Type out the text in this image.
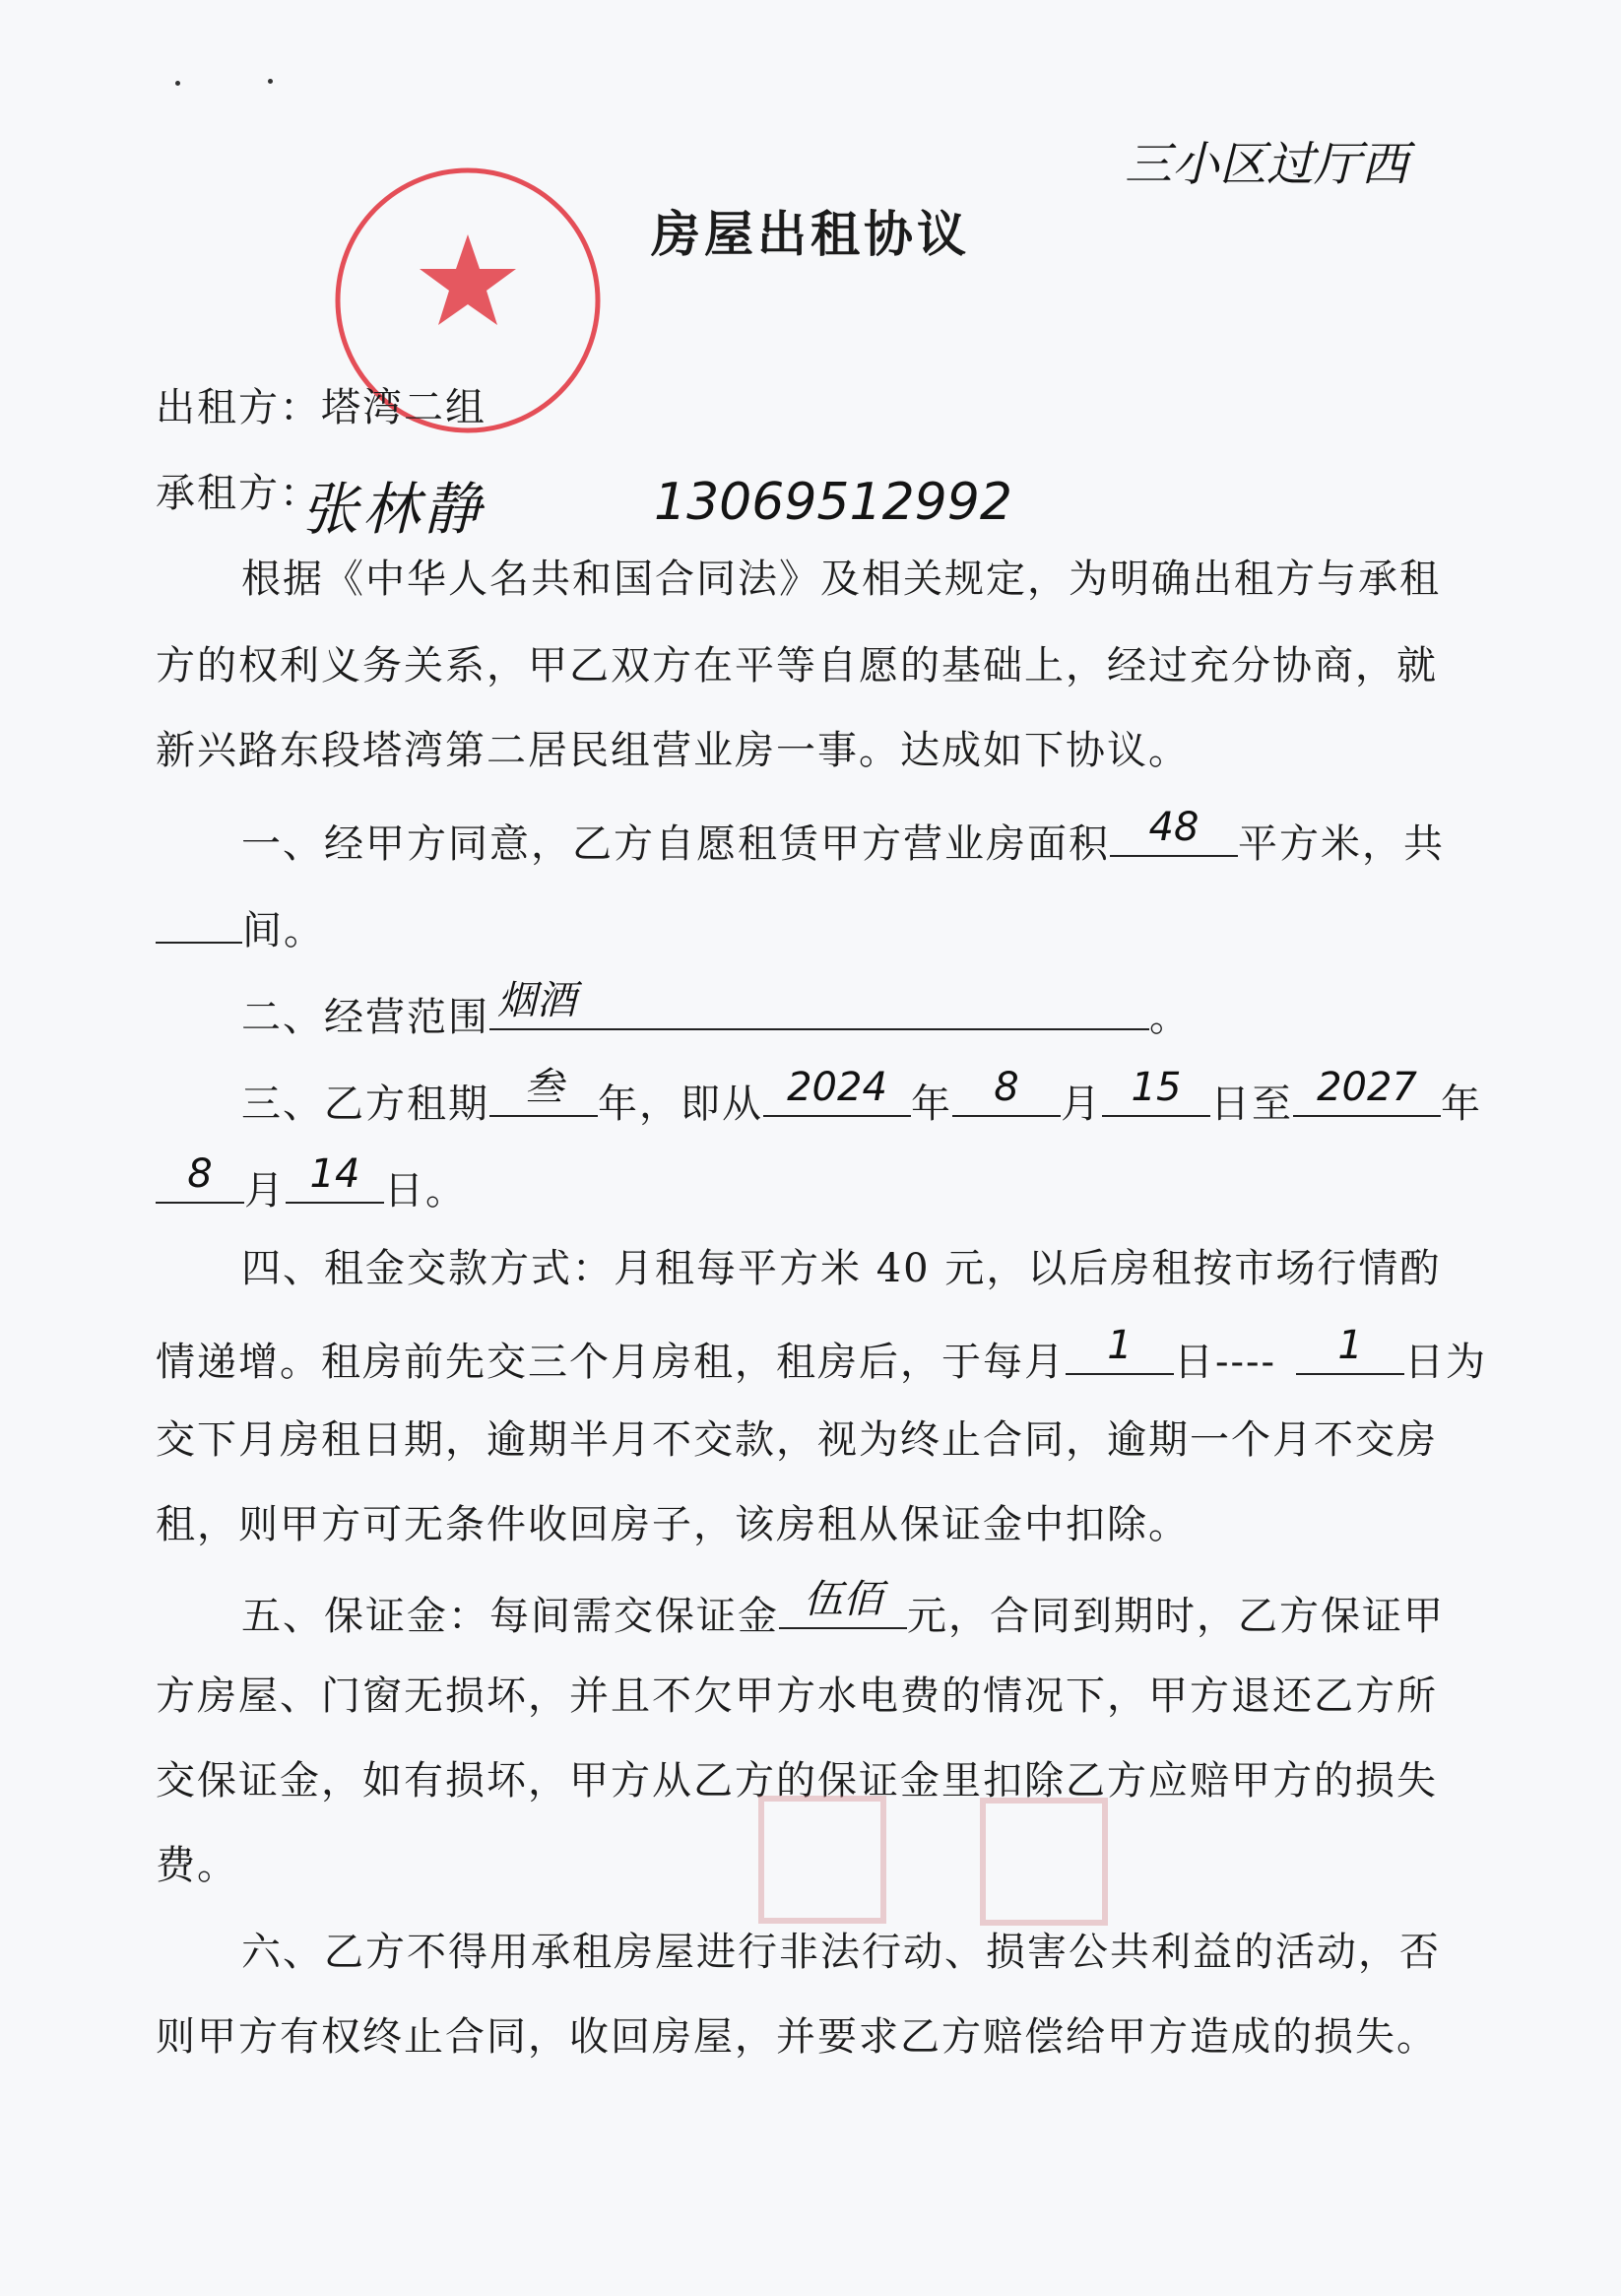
三小区过厅西
房屋出租协议
出租方：塔湾二组
承租方：
张林静	13069512992
根据《中华人名共和国合同法》及相关规定，为明确出租方与承租
方的权利义务关系，甲乙双方在平等自愿的基础上，经过充分协商，就
新兴路东段塔湾第二居民组营业房一事。达成如下协议。
一、经甲方同意，乙方自愿租赁甲方营业房面积 48 平方米，共
间。
二、经营范围 烟酒	。
三、乙方租期 叁 年，即从 2024 年	8	月 15 日至 2027 年
8 月 14 日。
四、租金交款方式：月租每平方米 40 元，以后房租按市场行情酌
情递增。租房前先交三个月房租，租房后，于每月	1	日----	1	日为
交下月房租日期，逾期半月不交款，视为终止合同，逾期一个月不交房
租，则甲方可无条件收回房子，该房租从保证金中扣除。
五、保证金：每间需交保证金 伍佰 元，合同到期时，乙方保证甲
方房屋、门窗无损坏，并且不欠甲方水电费的情况下，甲方退还乙方所
交保证金，如有损坏，甲方从乙方的保证金里扣除乙方应赔甲方的损失
费。
六、乙方不得用承租房屋进行非法行动、损害公共利益的活动，否
则甲方有权终止合同，收回房屋，并要求乙方赔偿给甲方造成的损失。
